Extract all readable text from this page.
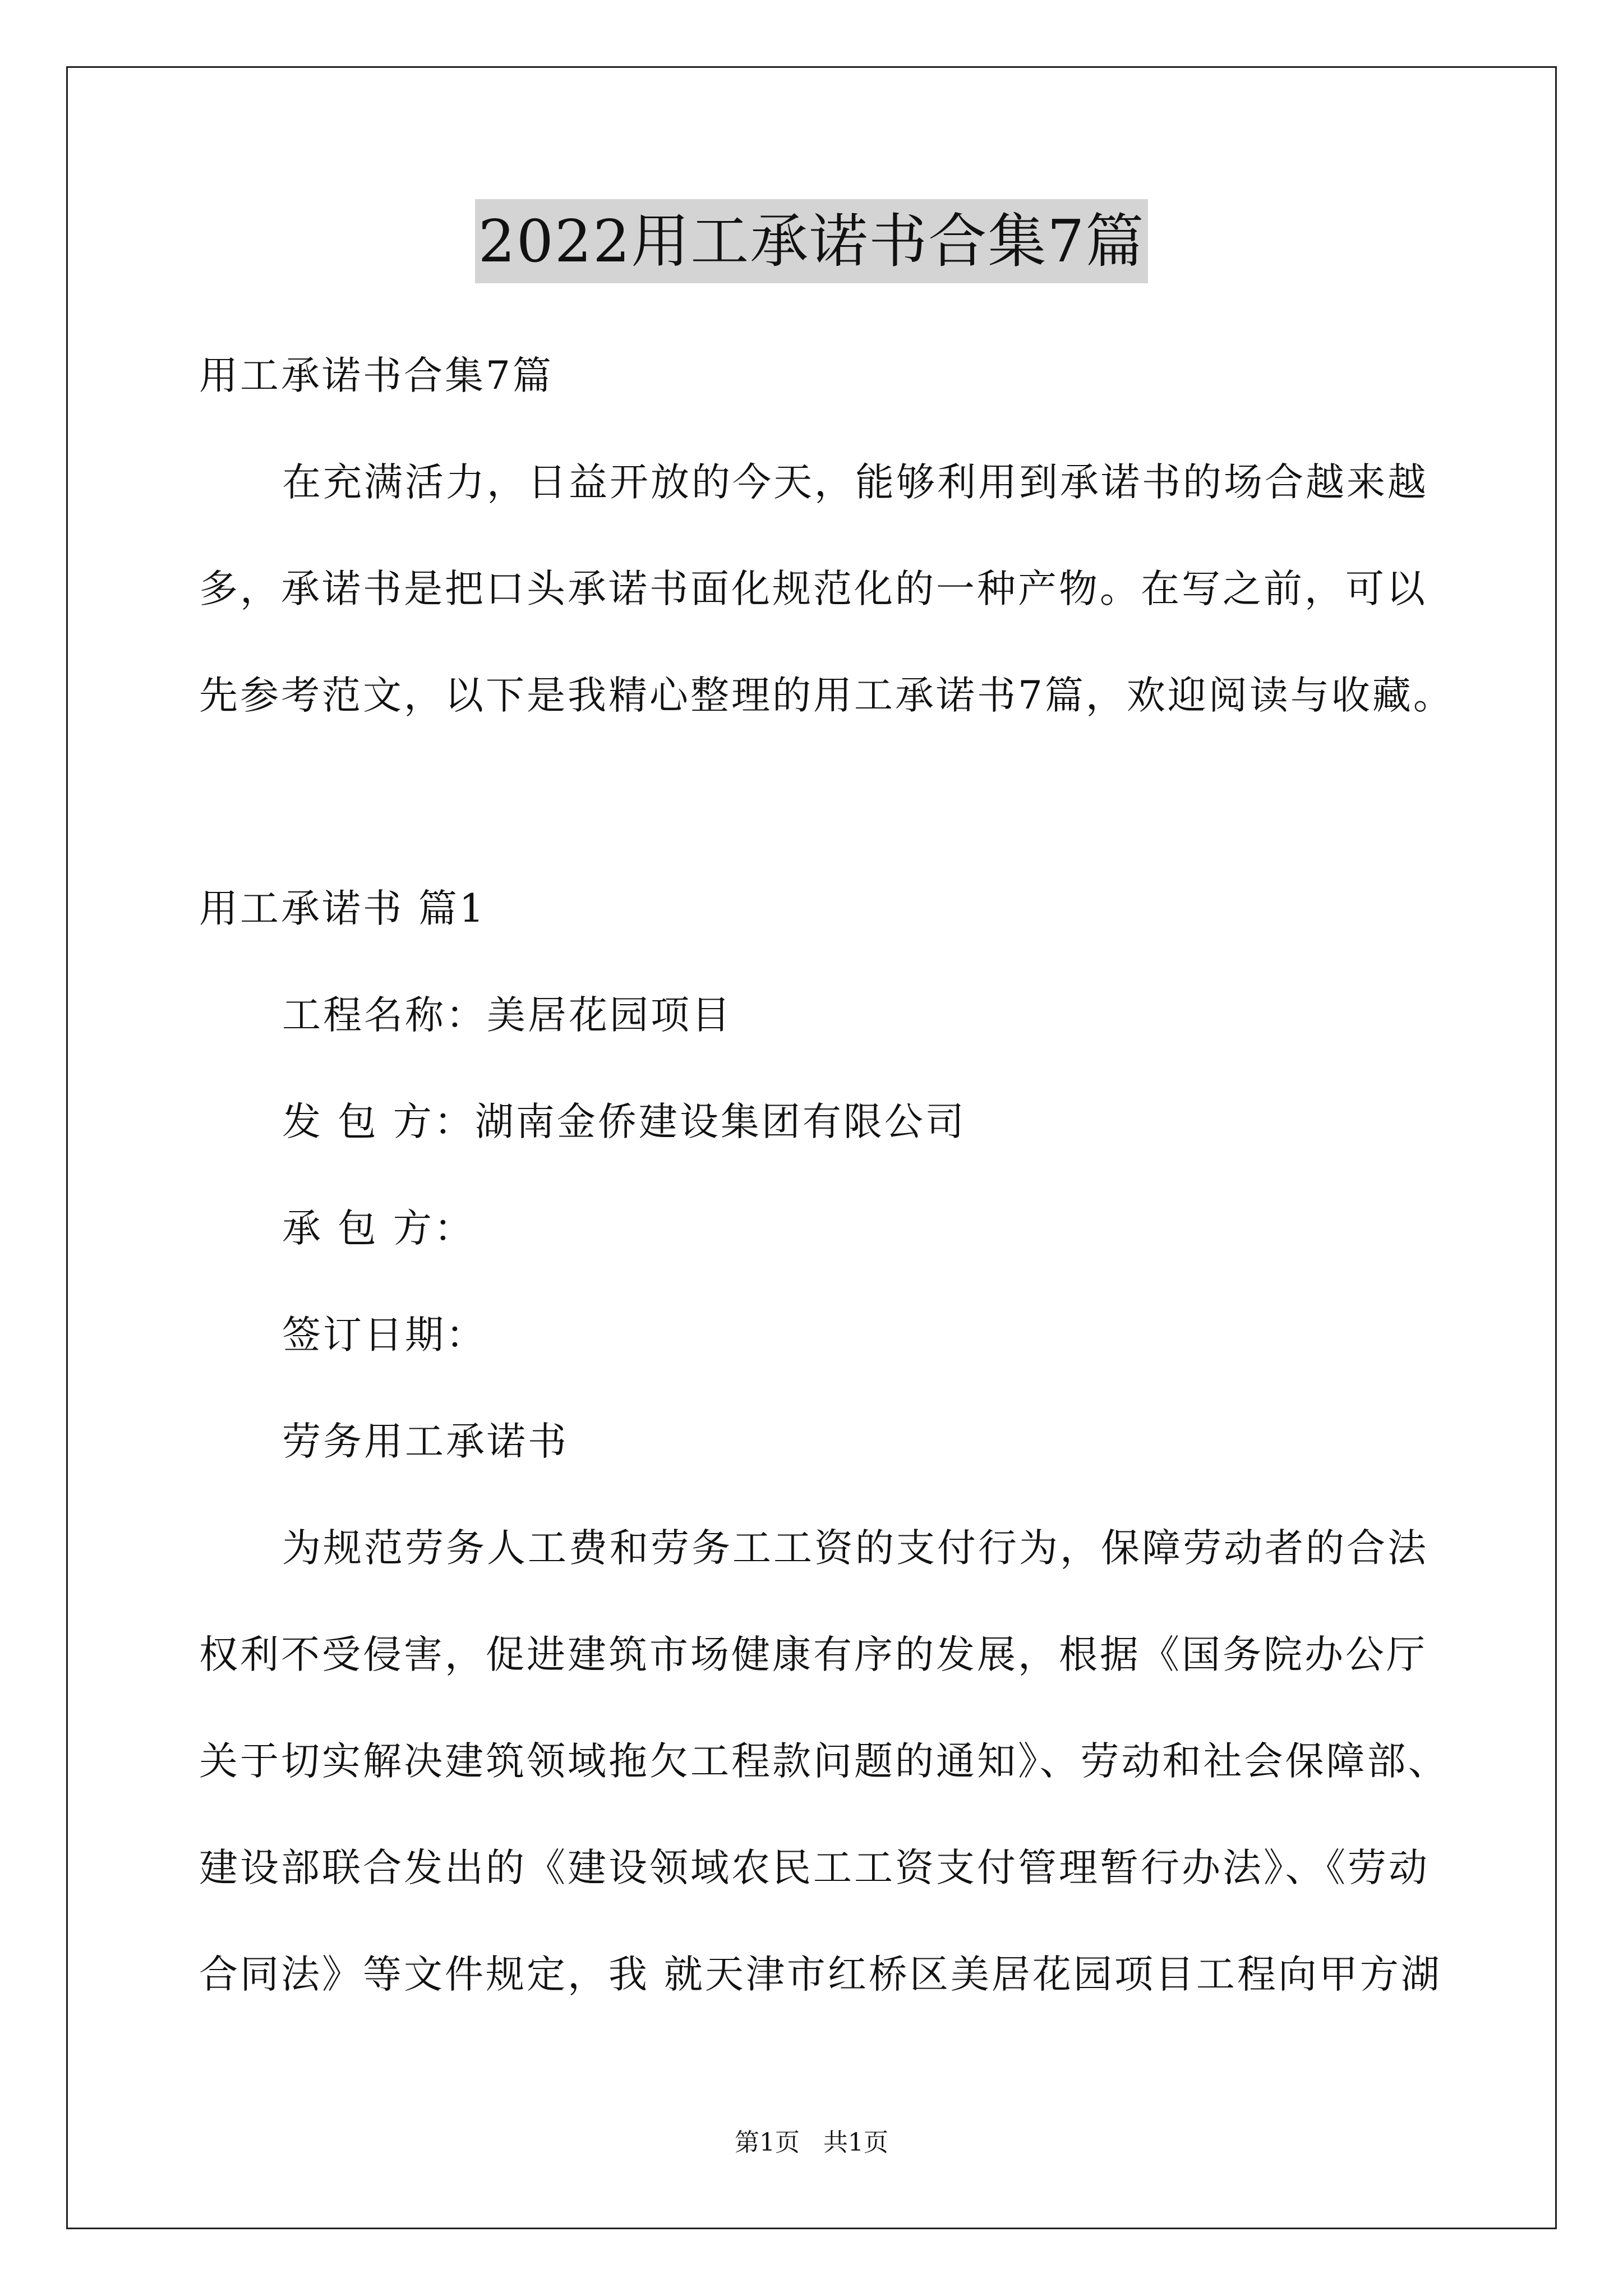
2022用工承诺书合集7篇
用工承诺书合集7篇
在充满活力，日益开放的今天，能够利用到承诺书的场合越来越
多，承诺书是把口头承诺书面化规范化的一种产物。在写之前，可以
先参考范文，以下是我精心整理的用工承诺书7篇，欢迎阅读与收藏。
用工承诺书 篇1
工程名称：美居花园项目
发 包 方：湖南金侨建设集团有限公司
承 包 方：
签订日期：
劳务用工承诺书
为规范劳务人工费和劳务工工资的支付行为，保障劳动者的合法
权利不受侵害，促进建筑市场健康有序的发展，根据《国务院办公厅
关于切实解决建筑领域拖欠工程款问题的通知》、劳动和社会保障部、
建设部联合发出的《建设领域农民工工资支付管理暂行办法》、《劳动
合同法》等文件规定，我 就天津市红桥区美居花园项目工程向甲方湖
第1页 共1页
